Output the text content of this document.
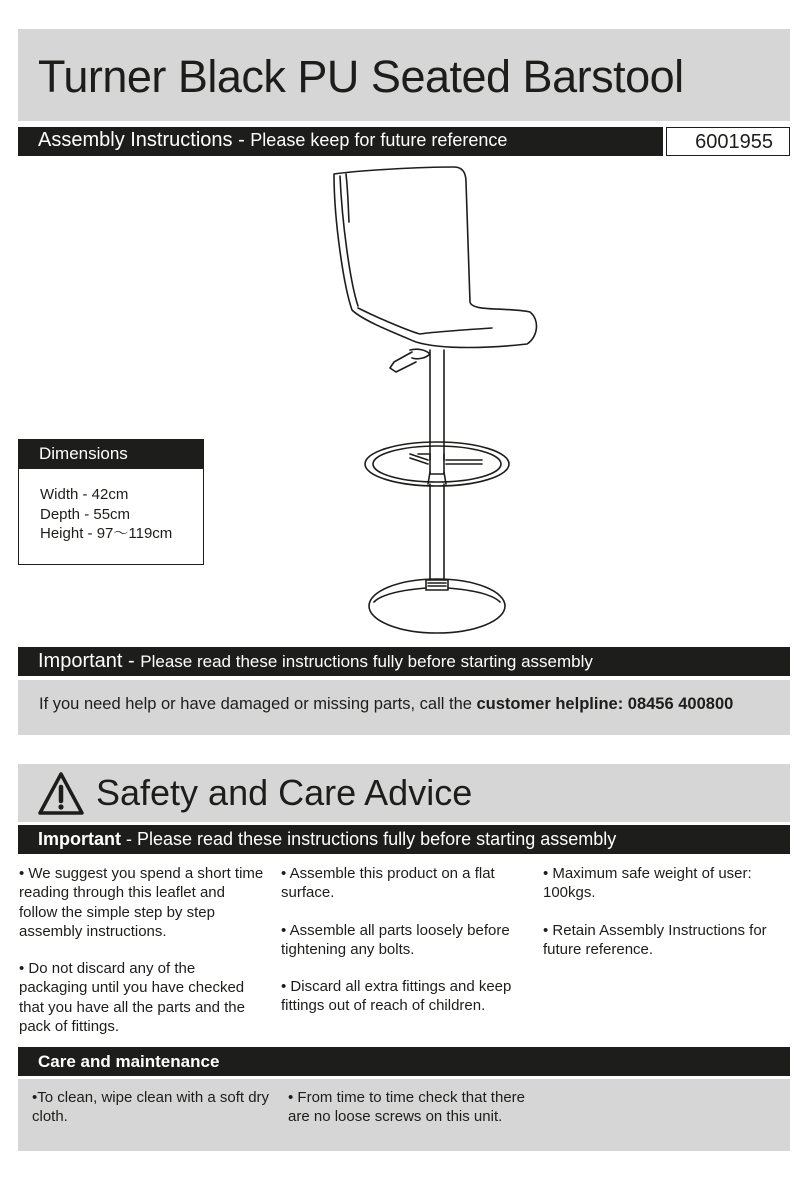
Turner Black PU Seated Barstool
Assembly Instructions - Please keep for future reference	6001955
Dimensions
Width - 42cm
Depth - 55cm
Height - 97～119cm
Important - Please read these instructions fully before starting assembly
If you need help or have damaged or missing parts, call the customer helpline: 08456 400800
Safety and Care Advice
Important - Please read these instructions fully before starting assembly

• We suggest you spend a short time reading through this leaflet and follow the simple step by step assembly instructions.

• Do not discard any of the packaging until you have checked that you have all the parts and the pack of fittings.

• Assemble this product on a flat surface.

• Assemble all parts loosely before tightening any bolts.

• Discard all extra fittings and keep fittings out of reach of children.

• Maximum safe weight of user: 100kgs.

• Retain Assembly Instructions for future reference.

Care and maintenance
•To clean, wipe clean with a soft dry cloth.
• From time to time check that there are no loose screws on this unit.
